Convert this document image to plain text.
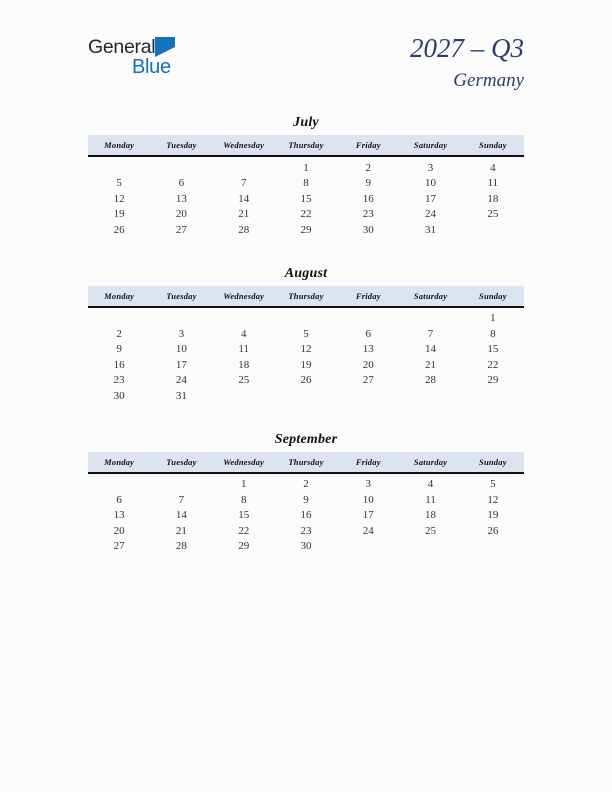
General
Blue
2027 – Q3
Germany
July
Monday	Tuesday	Wednesday	Thursday	Friday	Saturday	Sunday
			1	2	3	4
5	6	7	8	9	10	11
12	13	14	15	16	17	18
19	20	21	22	23	24	25
26	27	28	29	30	31	
August
Monday	Tuesday	Wednesday	Thursday	Friday	Saturday	Sunday
						1
2	3	4	5	6	7	8
9	10	11	12	13	14	15
16	17	18	19	20	21	22
23	24	25	26	27	28	29
30	31					
September
Monday	Tuesday	Wednesday	Thursday	Friday	Saturday	Sunday
		1	2	3	4	5
6	7	8	9	10	11	12
13	14	15	16	17	18	19
20	21	22	23	24	25	26
27	28	29	30			
